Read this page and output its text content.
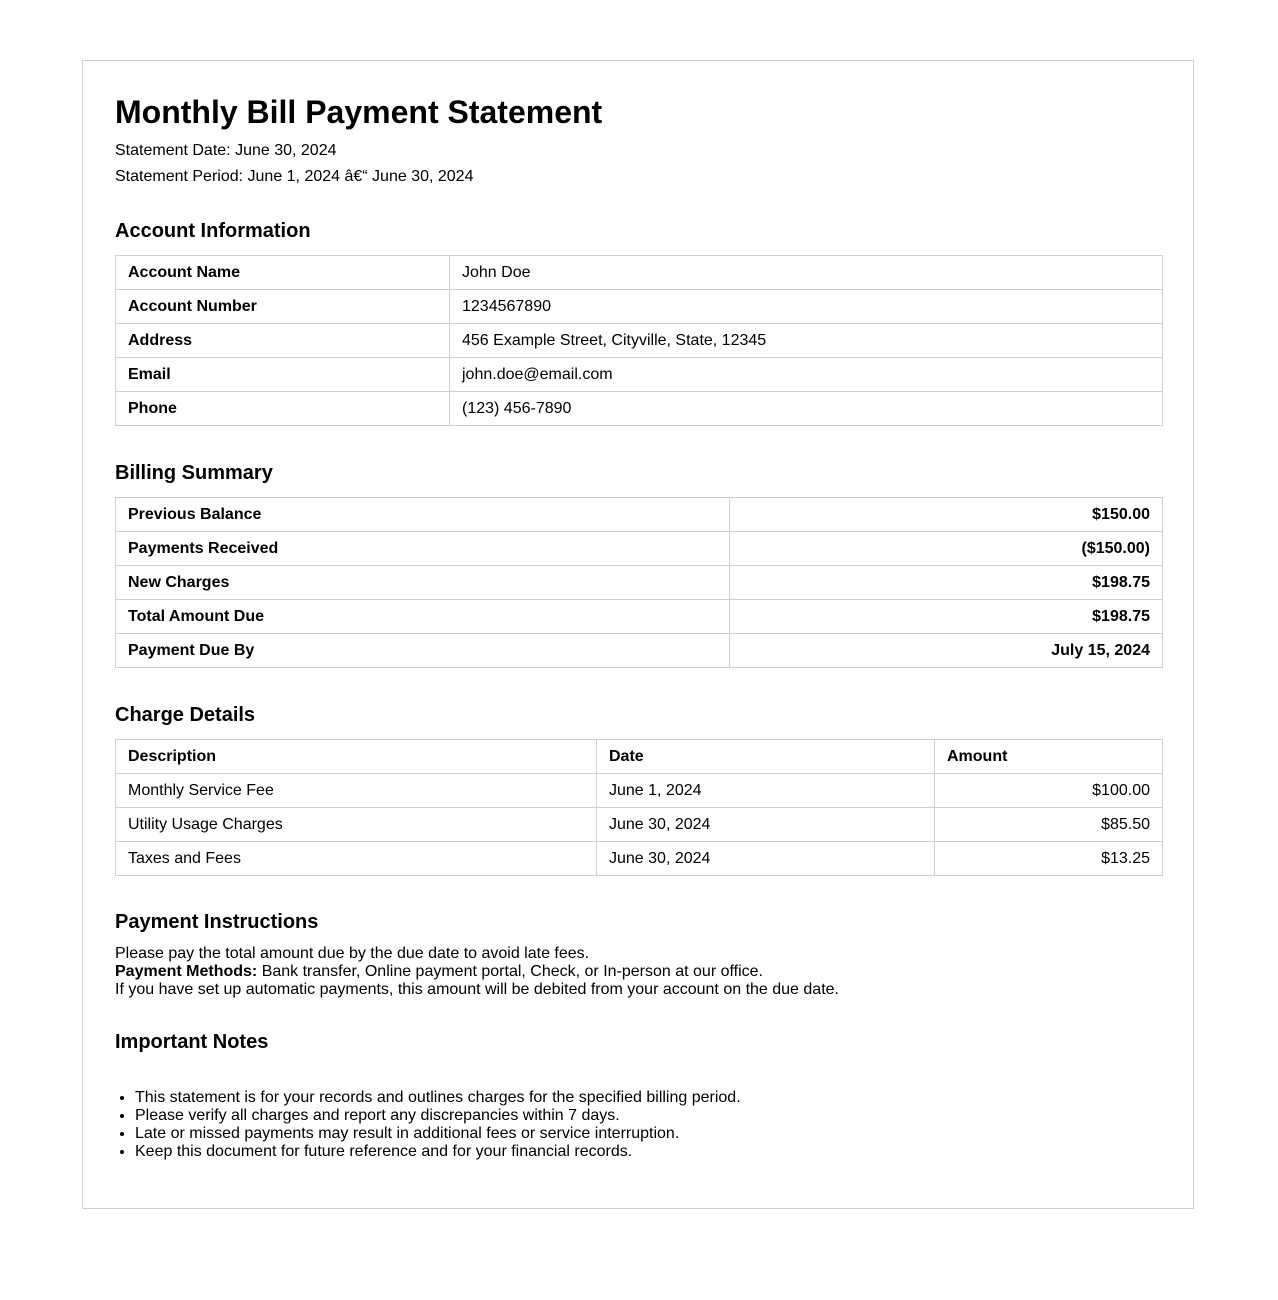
Monthly Bill Payment Statement
Statement Date: June 30, 2024
Statement Period: June 1, 2024 â€“ June 30, 2024
Account Information
Account Name	John Doe
Account Number	1234567890
Address	456 Example Street, Cityville, State, 12345
Email	john.doe@email.com
Phone	(123) 456-7890
Billing Summary
Previous Balance	$150.00
Payments Received	($150.00)
New Charges	$198.75
Total Amount Due	$198.75
Payment Due By	July 15, 2024
Charge Details
Description	Date	Amount
Monthly Service Fee	June 1, 2024	$100.00
Utility Usage Charges	June 30, 2024	$85.50
Taxes and Fees	June 30, 2024	$13.25
Payment Instructions
Please pay the total amount due by the due date to avoid late fees.
Payment Methods: Bank transfer, Online payment portal, Check, or In-person at our office.
If you have set up automatic payments, this amount will be debited from your account on the due date.
Important Notes
• This statement is for your records and outlines charges for the specified billing period.
• Please verify all charges and report any discrepancies within 7 days.
• Late or missed payments may result in additional fees or service interruption.
• Keep this document for future reference and for your financial records.
